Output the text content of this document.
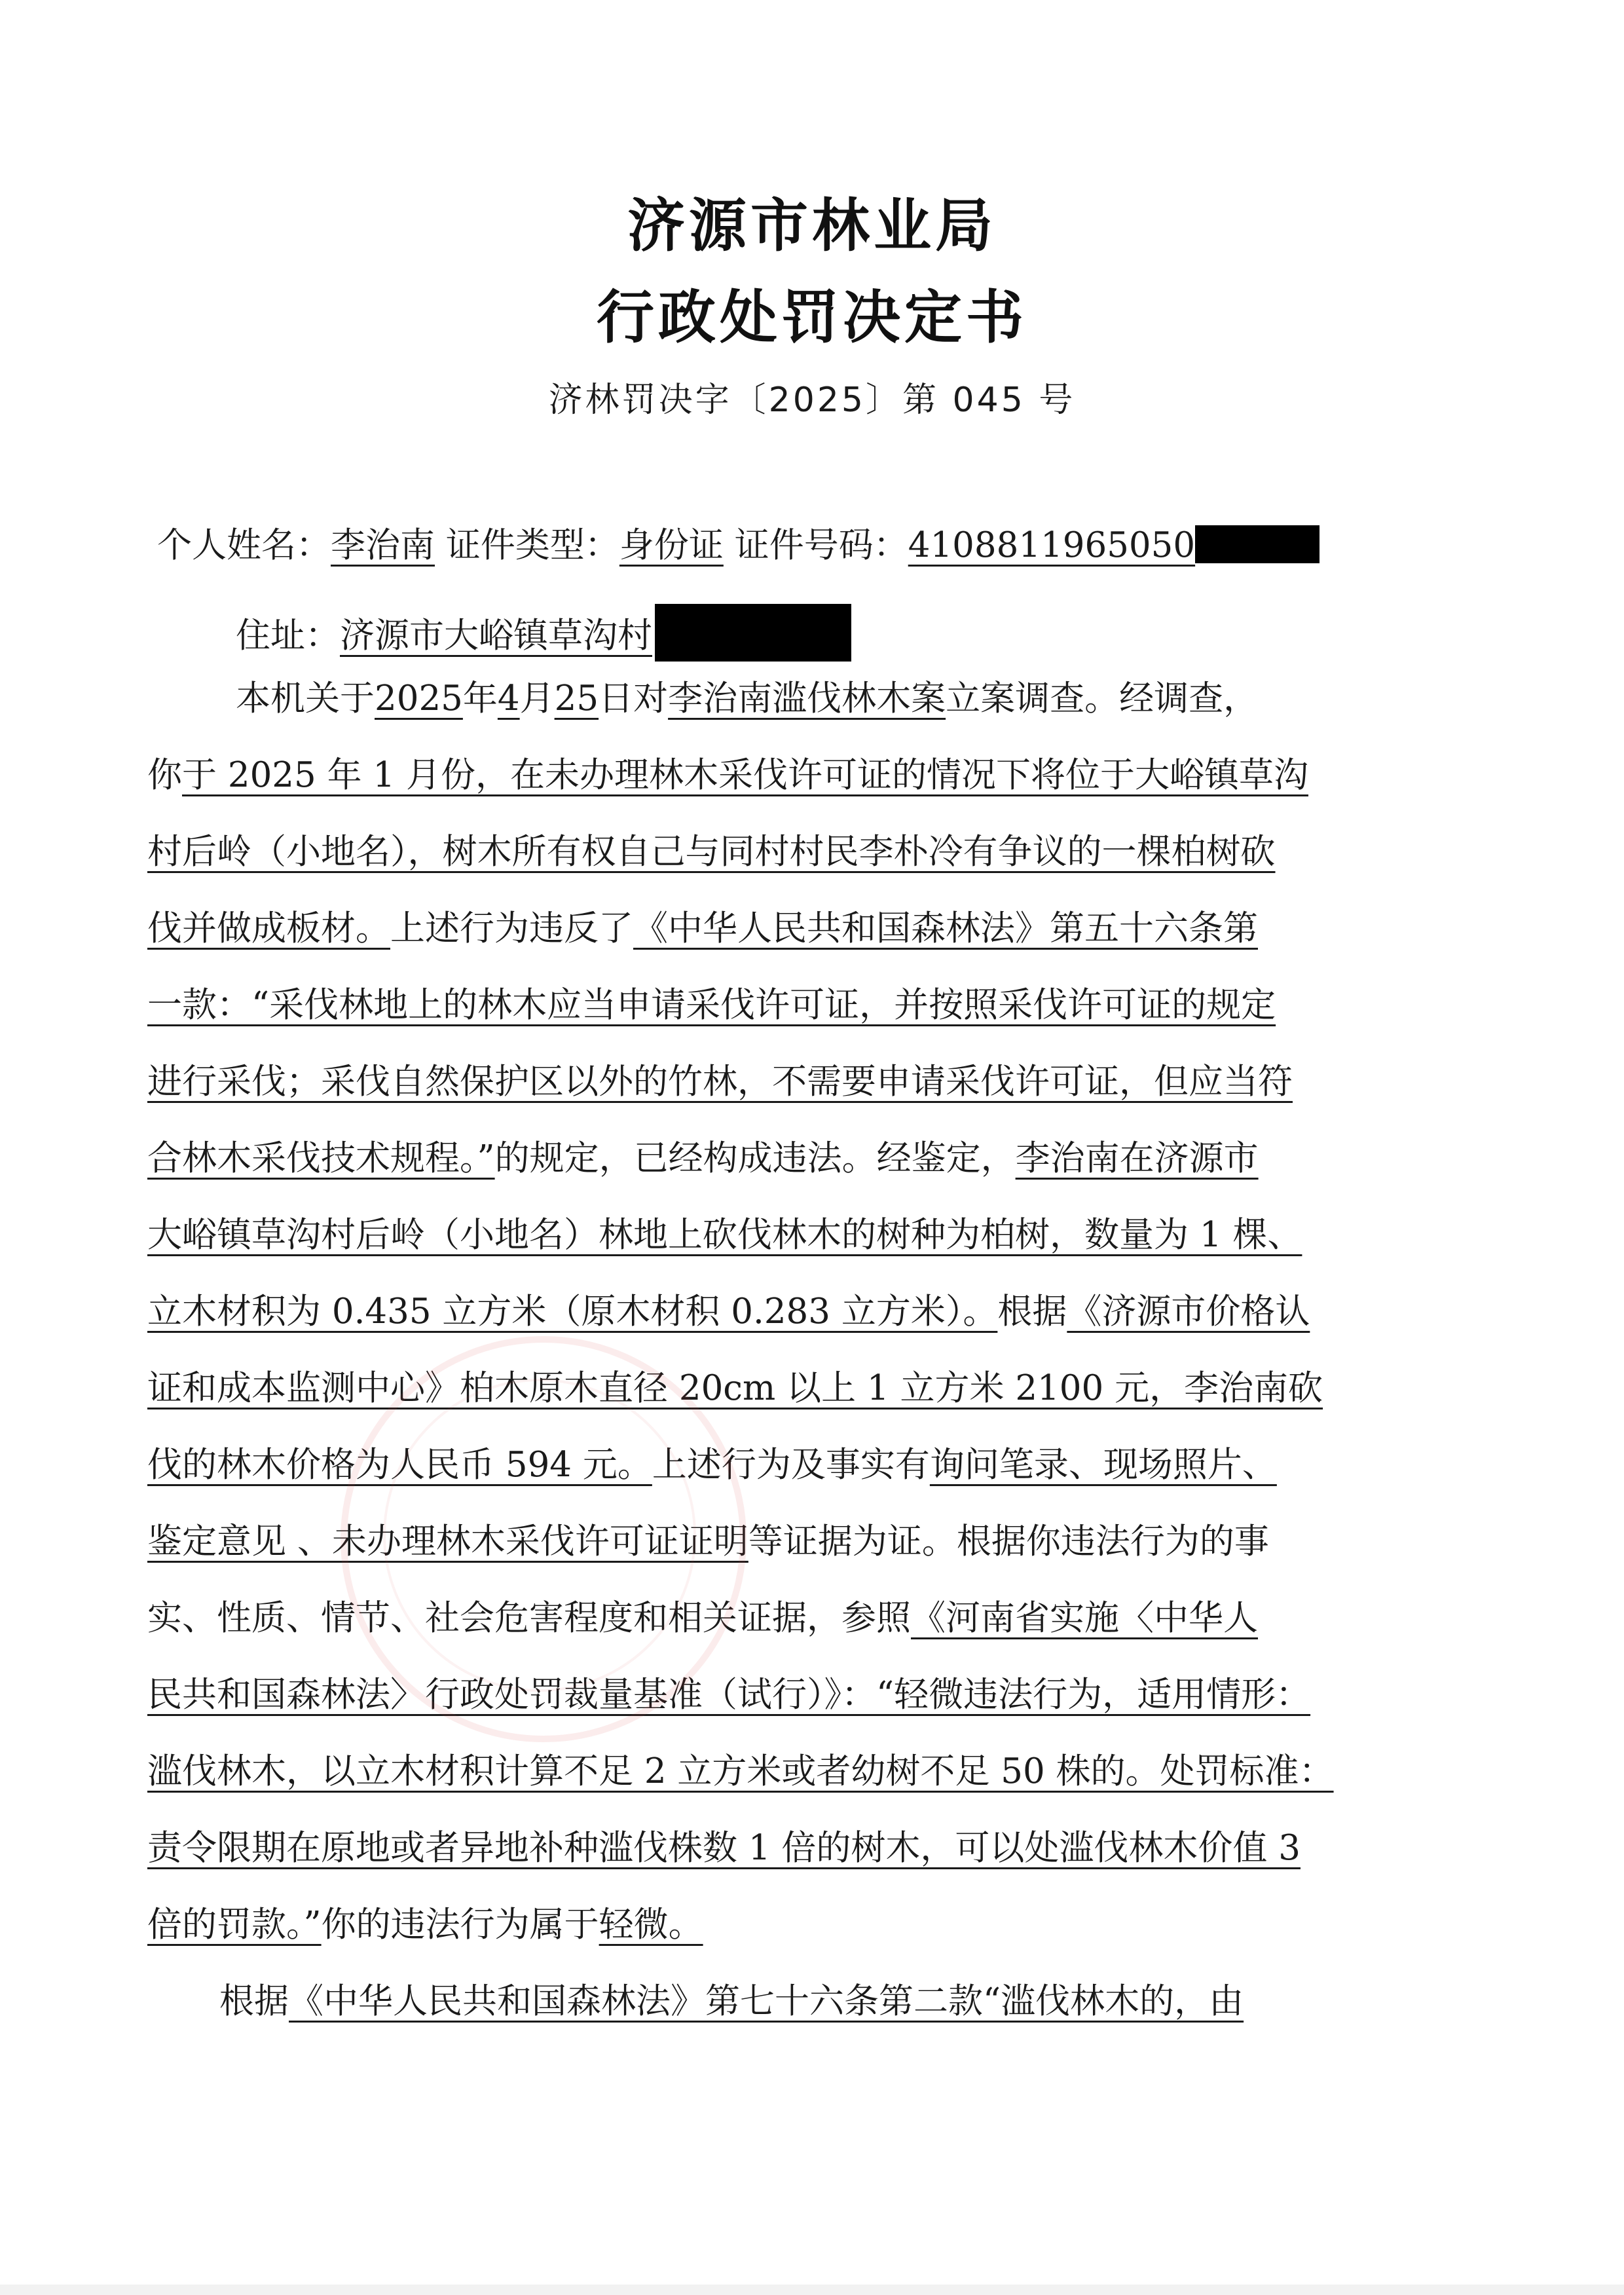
济源市林业局
行政处罚决定书
济林罚决字〔2025〕第 045 号
个人姓名：李治南 证件类型：身份证 证件号码：4108811965050
住址：济源市大峪镇草沟村
本机关于2025年4月25日对李治南滥伐林木案立案调查。经调查，
你于 2025 年 1 月份，在未办理林木采伐许可证的情况下将位于大峪镇草沟
村后岭（小地名），树木所有权自己与同村村民李朴冷有争议的一棵柏树砍
伐并做成板材。上述行为违反了《中华人民共和国森林法》第五十六条第
一款：“采伐林地上的林木应当申请采伐许可证，并按照采伐许可证的规定
进行采伐；采伐自然保护区以外的竹林，不需要申请采伐许可证，但应当符
合林木采伐技术规程。”的规定，已经构成违法。经鉴定，李治南在济源市
大峪镇草沟村后岭（小地名）林地上砍伐林木的树种为柏树，数量为 1 棵、
立木材积为 0.435 立方米（原木材积 0.283 立方米）。根据《济源市价格认
证和成本监测中心》柏木原木直径 20cm 以上 1 立方米 2100 元，李治南砍
伐的林木价格为人民币 594 元。上述行为及事实有询问笔录、现场照片、
鉴定意见 、未办理林木采伐许可证证明等证据为证。根据你违法行为的事
实、性质、情节、社会危害程度和相关证据，参照《河南省实施〈中华人
民共和国森林法〉行政处罚裁量基准（试行）》：“轻微违法行为，适用情形：
滥伐林木，以立木材积计算不足 2 立方米或者幼树不足 50 株的。处罚标准：
责令限期在原地或者异地补种滥伐株数 1 倍的树木，可以处滥伐林木价值 3
倍的罚款。”你的违法行为属于轻微。
根据《中华人民共和国森林法》第七十六条第二款“滥伐林木的，由
